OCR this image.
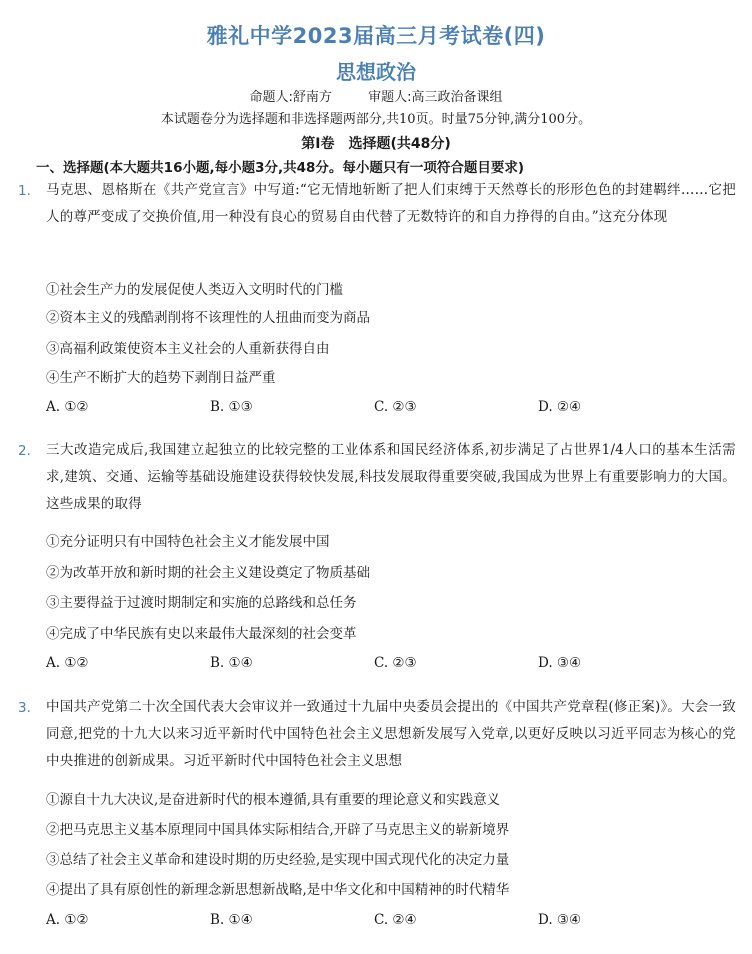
雅礼中学2023届高三月考试卷(四)
思想政治
命题人:舒南方	审题人:高三政治备课组
本试题卷分为选择题和非选择题两部分,共10页。时量75分钟,满分100分。
第Ⅰ卷　选择题(共48分)
一、选择题(本大题共16小题,每小题3分,共48分。每小题只有一项符合题目要求)
1. 马克思、恩格斯在《共产党宣言》中写道:“它无情地斩断了把人们束缚于天然尊长的形形色色的封建羁绊……它把人的尊严变成了交换价值,用一种没有良心的贸易自由代替了无数特许的和自力挣得的自由。”这充分体现
①社会生产力的发展促使人类迈入文明时代的门槛
②资本主义的残酷剥削将不该理性的人扭曲而变为商品
③高福利政策使资本主义社会的人重新获得自由
④生产不断扩大的趋势下剥削日益严重
A. ①②	B. ①③	C. ②③	D. ②④
2. 三大改造完成后,我国建立起独立的比较完整的工业体系和国民经济体系,初步满足了占世界1/4人口的基本生活需求,建筑、交通、运输等基础设施建设获得较快发展,科技发展取得重要突破,我国成为世界上有重要影响力的大国。这些成果的取得
①充分证明只有中国特色社会主义才能发展中国
②为改革开放和新时期的社会主义建设奠定了物质基础
③主要得益于过渡时期制定和实施的总路线和总任务
④完成了中华民族有史以来最伟大最深刻的社会变革
A. ①②	B. ①④	C. ②③	D. ③④
3. 中国共产党第二十次全国代表大会审议并一致通过十九届中央委员会提出的《中国共产党章程(修正案)》。大会一致同意,把党的十九大以来习近平新时代中国特色社会主义思想新发展写入党章,以更好反映以习近平同志为核心的党中央推进的创新成果。习近平新时代中国特色社会主义思想
①源自十九大决议,是奋进新时代的根本遵循,具有重要的理论意义和实践意义
②把马克思主义基本原理同中国具体实际相结合,开辟了马克思主义的崭新境界
③总结了社会主义革命和建设时期的历史经验,是实现中国式现代化的决定力量
④提出了具有原创性的新理念新思想新战略,是中华文化和中国精神的时代精华
A. ①②	B. ①④	C. ②④	D. ③④
